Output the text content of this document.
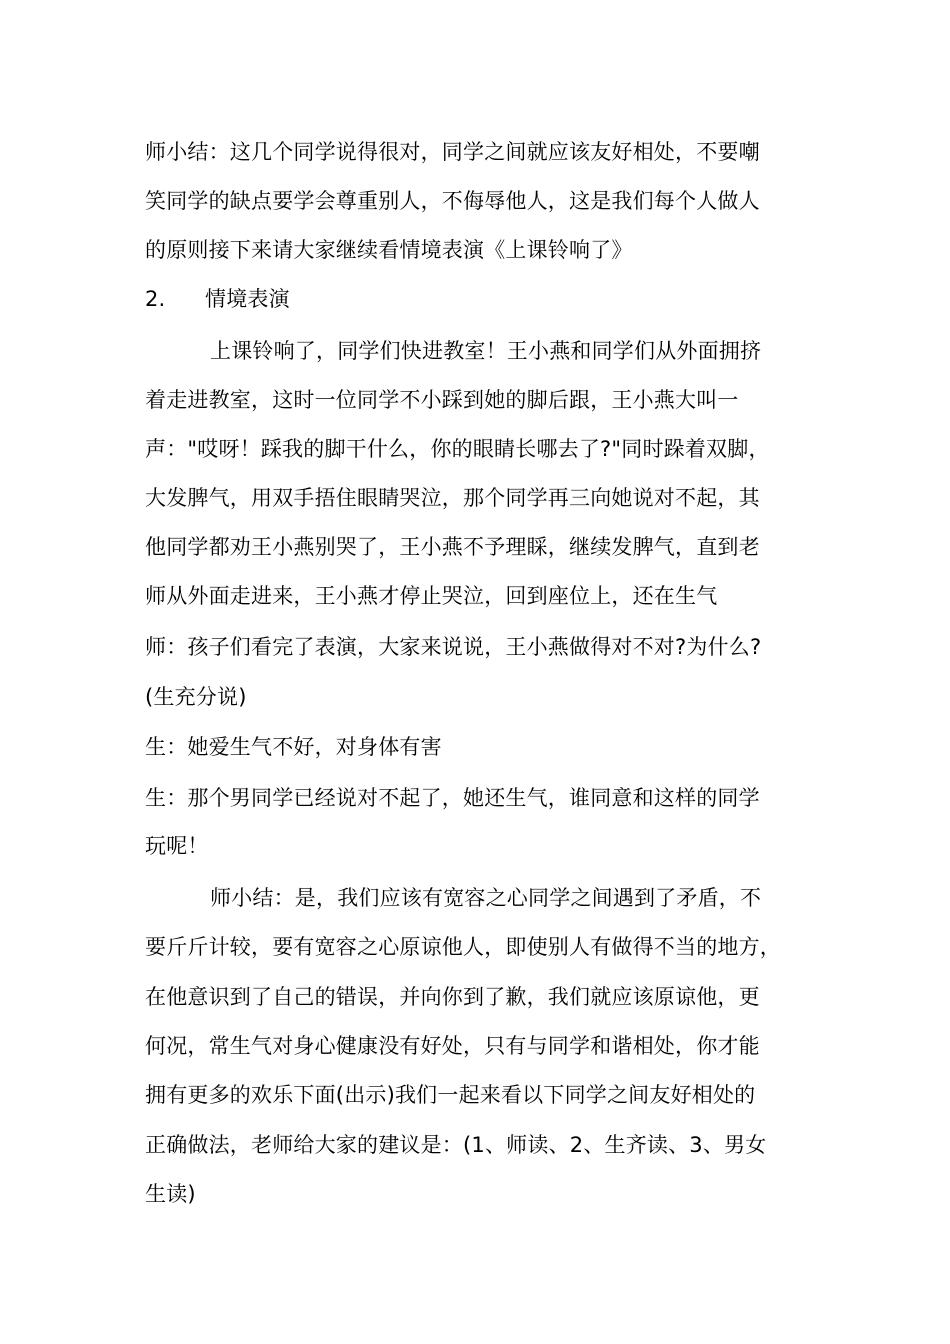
师小结：这几个同学说得很对，同学之间就应该友好相处，不要嘲
笑同学的缺点要学会尊重别人，不侮辱他人，这是我们每个人做人
的原则接下来请大家继续看情境表演《上课铃响了》
2. 情境表演
上课铃响了，同学们快进教室！王小燕和同学们从外面拥挤
着走进教室，这时一位同学不小踩到她的脚后跟，王小燕大叫一
声："哎呀！踩我的脚干什么，你的眼睛长哪去了?"同时跺着双脚，
大发脾气，用双手捂住眼睛哭泣，那个同学再三向她说对不起，其
他同学都劝王小燕别哭了，王小燕不予理睬，继续发脾气，直到老
师从外面走进来，王小燕才停止哭泣，回到座位上，还在生气
师：孩子们看完了表演，大家来说说，王小燕做得对不对?为什么?
(生充分说)
生：她爱生气不好，对身体有害
生：那个男同学已经说对不起了，她还生气，谁同意和这样的同学
玩呢！
师小结：是，我们应该有宽容之心同学之间遇到了矛盾，不
要斤斤计较，要有宽容之心原谅他人，即使别人有做得不当的地方，
在他意识到了自己的错误，并向你到了歉，我们就应该原谅他，更
何况，常生气对身心健康没有好处，只有与同学和谐相处，你才能
拥有更多的欢乐下面(出示)我们一起来看以下同学之间友好相处的
正确做法，老师给大家的建议是：(1、师读、2、生齐读、3、男女
生读)
